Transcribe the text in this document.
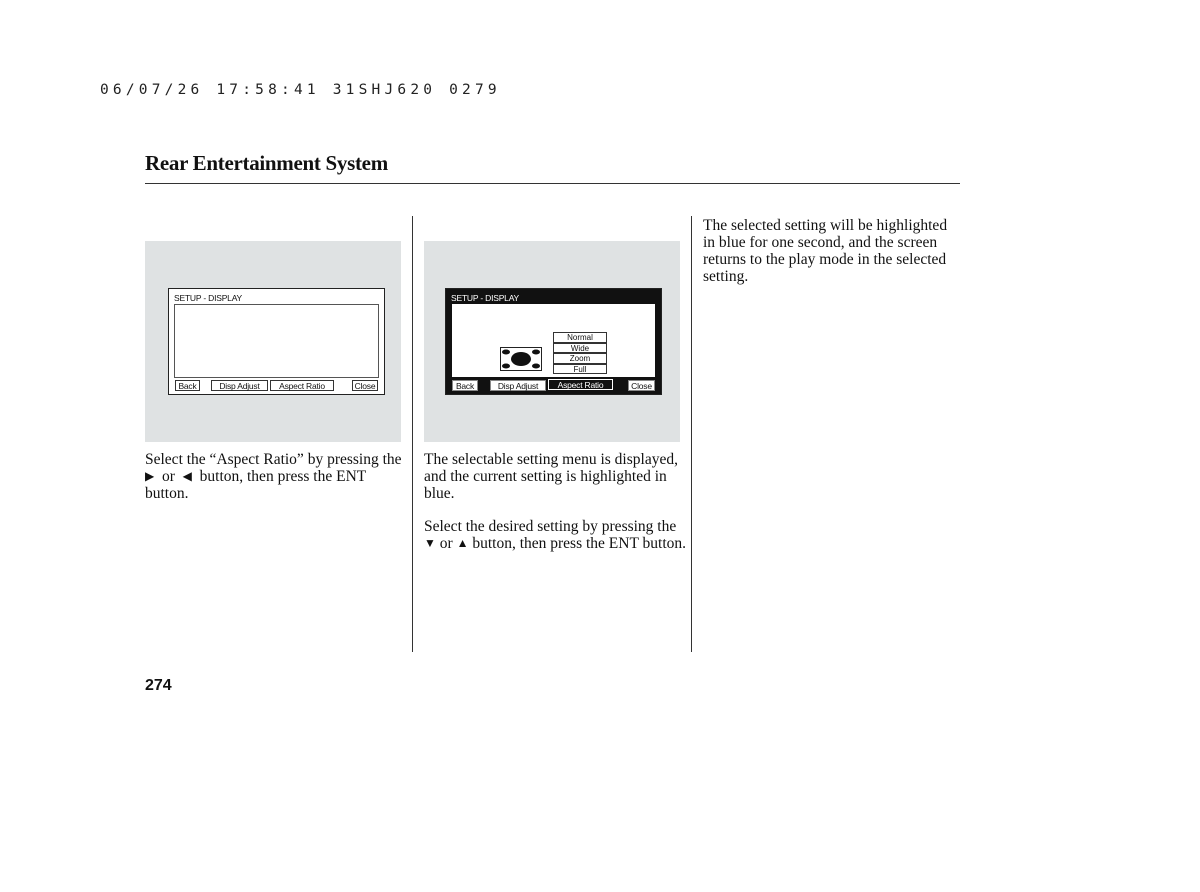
06/07/26 17:58:41 31SHJ620 0279
Rear Entertainment System
SETUP - DISPLAY
Back	Disp Adjust	Aspect Ratio	Close
SETUP - DISPLAY
Back	Disp Adjust	Aspect Ratio	Close
Normal
Wide
Zoom
Full

Select the “Aspect Ratio” by pressing the ▶ or ◀ button, then press the ENT button.

The selectable setting menu is displayed, and the current setting is highlighted in blue.

Select the desired setting by pressing the ▼ or ▲ button, then press the ENT button.

The selected setting will be highlighted in blue for one second, and the screen returns to the play mode in the selected setting.

274
